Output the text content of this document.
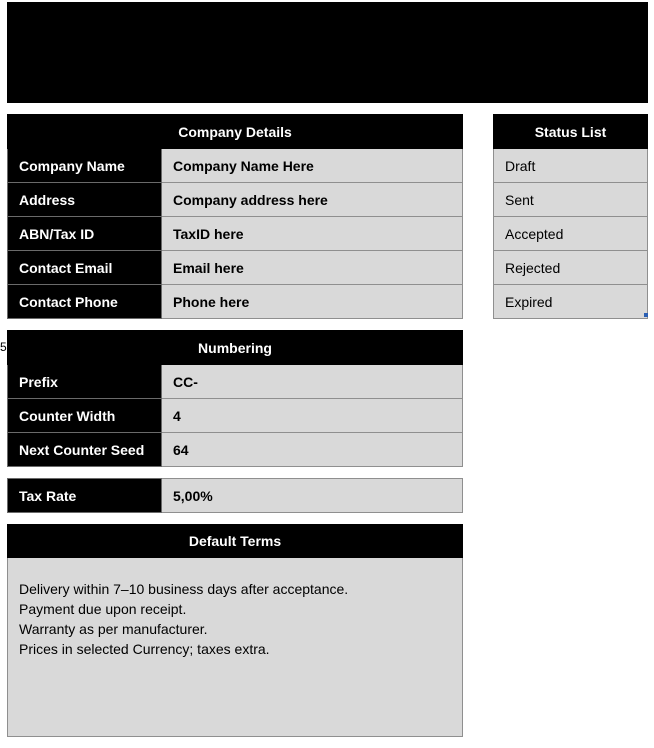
Company Details	
Company Name	Company Name Here
Address	Company address here
ABN/Tax ID	TaxID here
Contact Email	Email here
Contact Phone	Phone here
Status List
Draft
Sent
Accepted
Rejected
Expired
5	Numbering	
Prefix	CC-
Counter Width	4
Next Counter Seed	64
Tax Rate	5,00%
Default Terms
Delivery within 7–10 business days after acceptance.
Payment due upon receipt.
Warranty as per manufacturer.
Prices in selected Currency; taxes extra.
